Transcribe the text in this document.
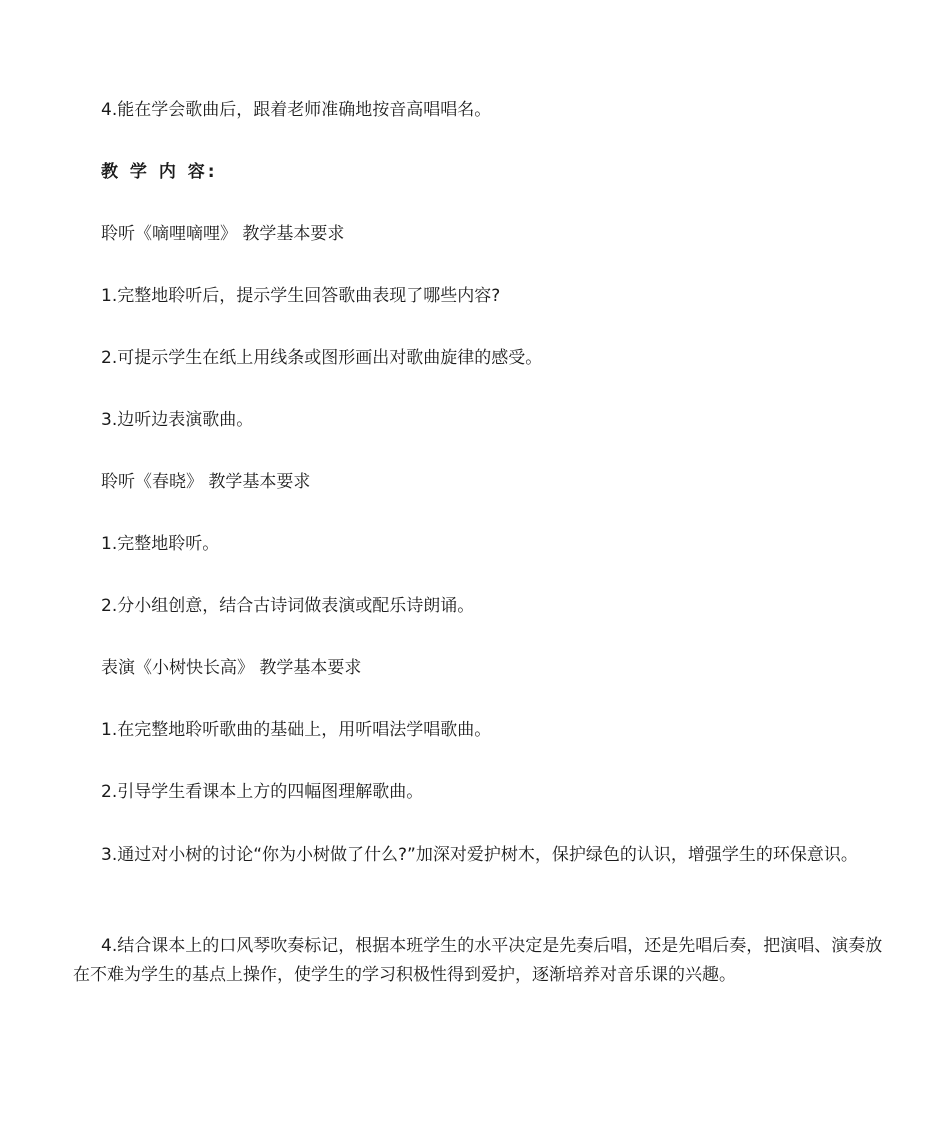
4.能在学会歌曲后，跟着老师准确地按音高唱唱名。

教 学 内 容:

聆听《嘀哩嘀哩》 教学基本要求

1.完整地聆听后，提示学生回答歌曲表现了哪些内容?

2.可提示学生在纸上用线条或图形画出对歌曲旋律的感受。

3.边听边表演歌曲。

聆听《春晓》 教学基本要求

1.完整地聆听。

2.分小组创意，结合古诗词做表演或配乐诗朗诵。

表演《小树快长高》 教学基本要求

1.在完整地聆听歌曲的基础上，用听唱法学唱歌曲。

2.引导学生看课本上方的四幅图理解歌曲。

3.通过对小树的讨论“你为小树做了什么?”加深对爱护树木，保护绿色的认识，增强学生的环保意识。

4.结合课本上的口风琴吹奏标记，根据本班学生的水平决定是先奏后唱，还是先唱后奏，把演唱、演奏放在不难为学生的基点上操作，使学生的学习积极性得到爱护，逐渐培养对音乐课的兴趣。
